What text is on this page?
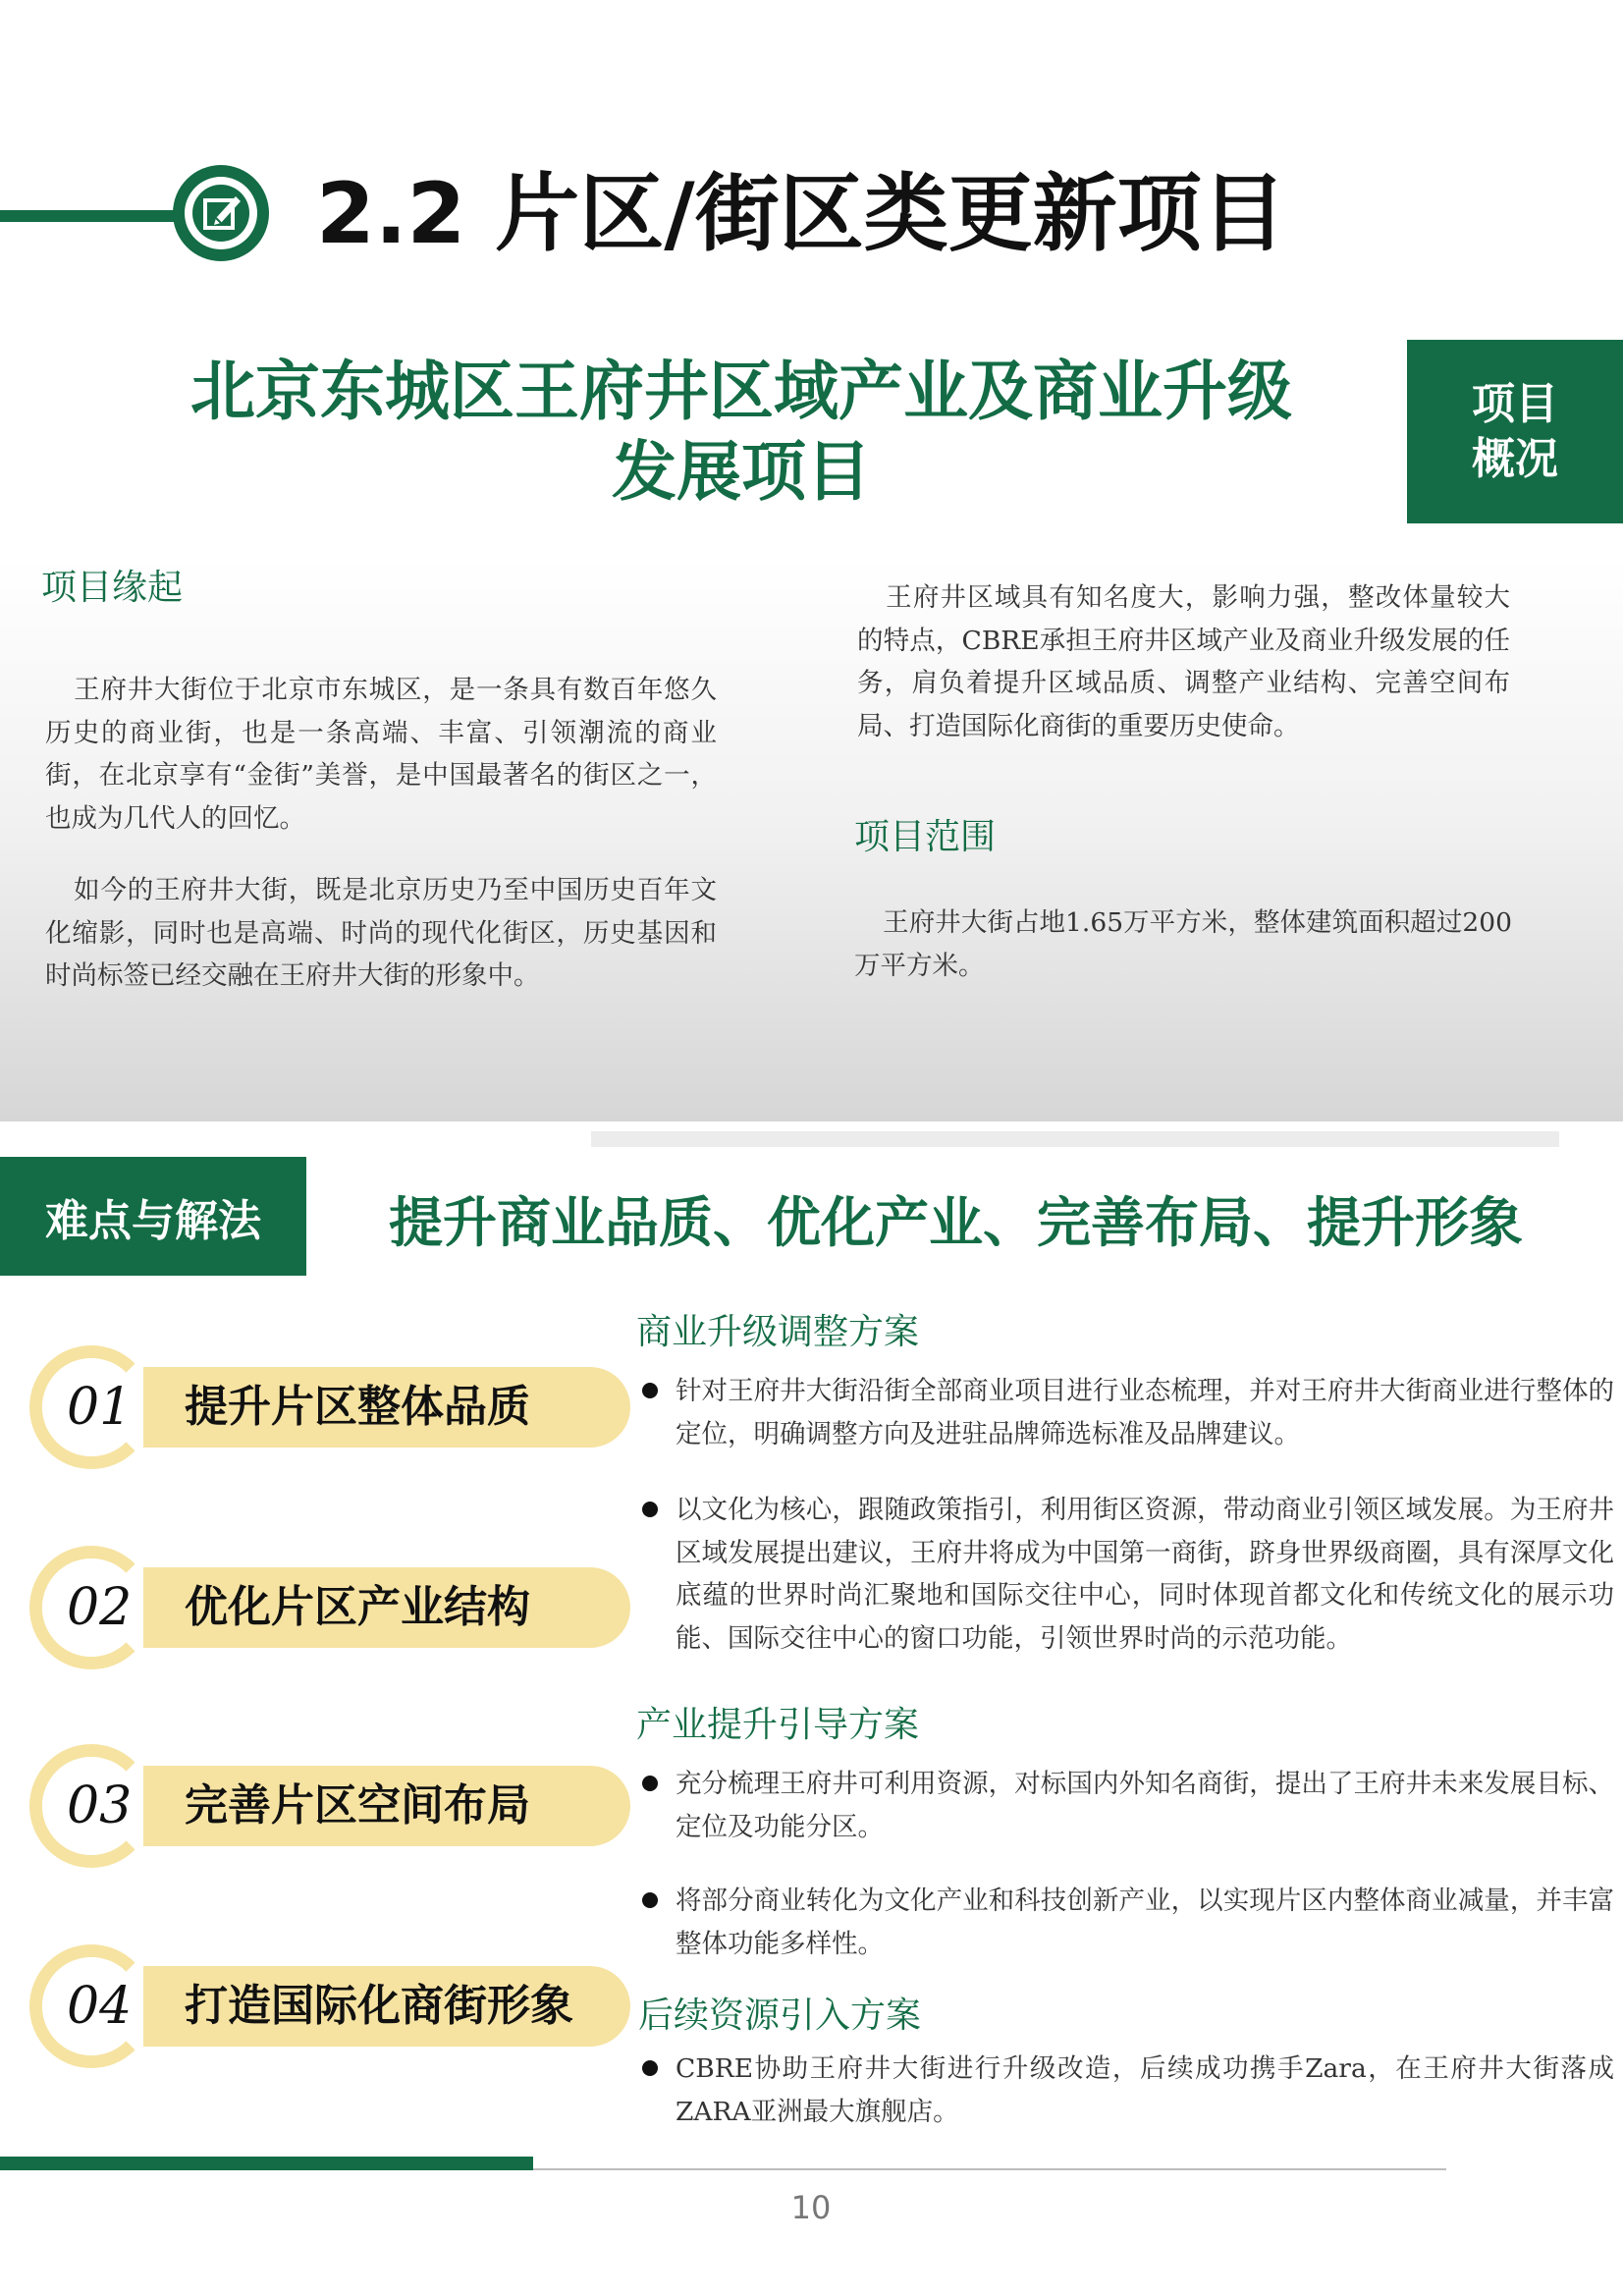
2.2 片区/街区类更新项目
北京东城区王府井区域产业及商业升级发展项目
项目概况
项目缘起

王府井大街位于北京市东城区，是一条具有数百年悠久历史的商业街，也是一条高端、丰富、引领潮流的商业街，在北京享有“金街”美誉，是中国最著名的街区之一，也成为几代人的回忆。

如今的王府井大街，既是北京历史乃至中国历史百年文化缩影，同时也是高端、时尚的现代化街区，历史基因和时尚标签已经交融在王府井大街的形象中。

王府井区域具有知名度大，影响力强，整改体量较大的特点，CBRE承担王府井区域产业及商业升级发展的任务，肩负着提升区域品质、调整产业结构、完善空间布局、打造国际化商街的重要历史使命。

项目范围

王府井大街占地1.65万平方米，整体建筑面积超过200万平方米。

难点与解法 提升商业品质、优化产业、完善布局、提升形象
01	提升片区整体品质
02	优化片区产业结构
03	完善片区空间布局
04	打造国际化商街形象
商业升级调整方案

针对王府井大街沿街全部商业项目进行业态梳理，并对王府井大街商业进行整体的定位，明确调整方向及进驻品牌筛选标准及品牌建议。

以文化为核心，跟随政策指引，利用街区资源，带动商业引领区域发展。为王府井区域发展提出建议，王府井将成为中国第一商街，跻身世界级商圈，具有深厚文化底蕴的世界时尚汇聚地和国际交往中心，同时体现首都文化和传统文化的展示功能、国际交往中心的窗口功能，引领世界时尚的示范功能。

产业提升引导方案

充分梳理王府井可利用资源，对标国内外知名商街，提出了王府井未来发展目标、定位及功能分区。

将部分商业转化为文化产业和科技创新产业，以实现片区内整体商业减量，并丰富整体功能多样性。

后续资源引入方案

CBRE协助王府井大街进行升级改造，后续成功携手Zara，在王府井大街落成ZARA亚洲最大旗舰店。

10
